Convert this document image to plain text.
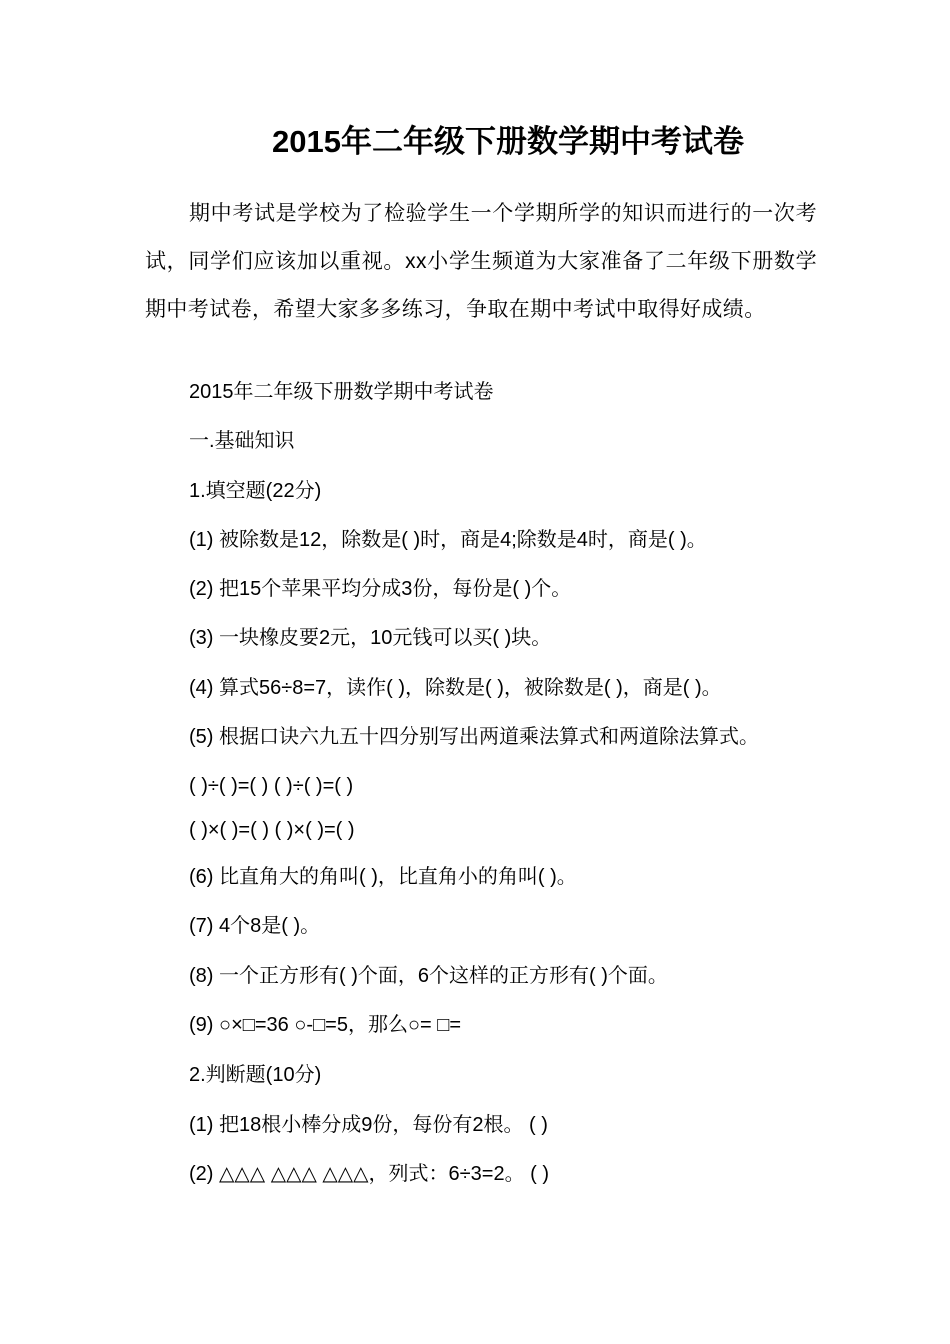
2015年二年级下册数学期中考试卷
期中考试是学校为了检验学生一个学期所学的知识而进行的一次考试，同学们应该加以重视。xx小学生频道为大家准备了二年级下册数学期中考试卷，希望大家多多练习，争取在期中考试中取得好成绩。
2015年二年级下册数学期中考试卷
一.基础知识
1.填空题(22分)
(1) 被除数是12，除数是( )时，商是4;除数是4时，商是( )。
(2) 把15个苹果平均分成3份，每份是( )个。
(3) 一块橡皮要2元，10元钱可以买( )块。
(4) 算式56÷8=7，读作( )，除数是( )，被除数是( )，商是( )。
(5) 根据口诀六九五十四分别写出两道乘法算式和两道除法算式。
( )÷( )=( ) ( )÷( )=( )
( )×( )=( ) ( )×( )=( )
(6) 比直角大的角叫( )，比直角小的角叫( )。
(7) 4个8是( )。
(8) 一个正方形有( )个面，6个这样的正方形有( )个面。
(9) ○×□=36 ○-□=5，那么○= □=
2.判断题(10分)
(1) 把18根小棒分成9份，每份有2根。 ( )
(2) △△△ △△△ △△△，列式：6÷3=2。 ( )
